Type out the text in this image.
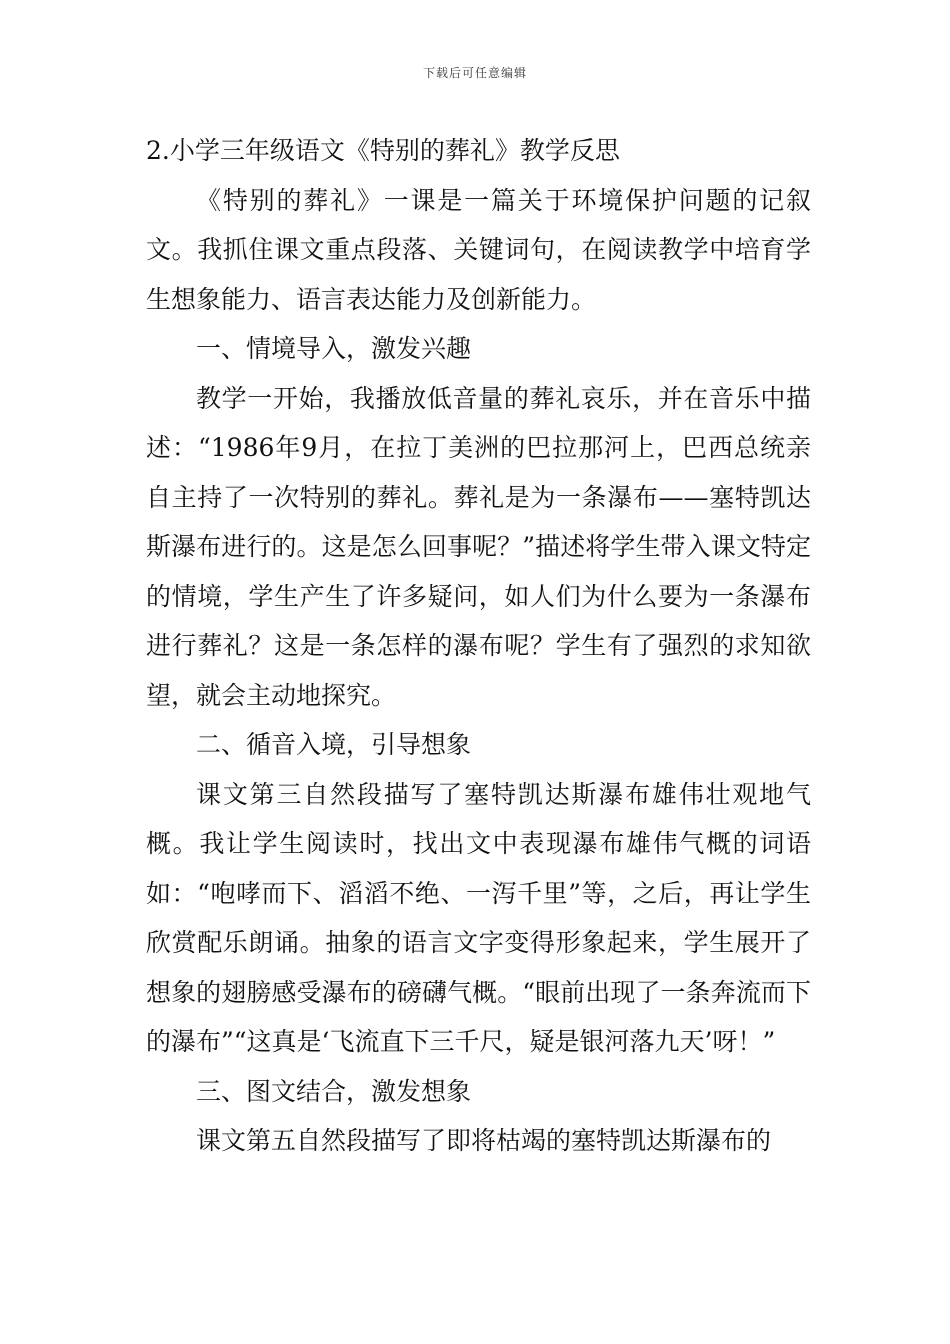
下载后可任意编辑
2.小学三年级语文《特别的葬礼》教学反思

《特别的葬礼》一课是一篇关于环境保护问题的记叙文。我抓住课文重点段落、关键词句，在阅读教学中培育学生想象能力、语言表达能力及创新能力。

一、情境导入，激发兴趣

教学一开始，我播放低音量的葬礼哀乐，并在音乐中描述：“1986年9月，在拉丁美洲的巴拉那河上，巴西总统亲自主持了一次特别的葬礼。葬礼是为一条瀑布——塞特凯达斯瀑布进行的。这是怎么回事呢？”描述将学生带入课文特定的情境，学生产生了许多疑问，如人们为什么要为一条瀑布进行葬礼？这是一条怎样的瀑布呢？学生有了强烈的求知欲 望，就会主动地探究。

二、循音入境，引导想象

课文第三自然段描写了塞特凯达斯瀑布雄伟壮观地气概。我让学生阅读时，找出文中表现瀑布雄伟气概的词语如：“咆哮而下、滔滔不绝、一泻千里”等，之后，再让学生欣赏配乐朗诵。抽象的语言文字变得形象起来，学生展开了想象的翅膀感受瀑布的磅礴气概。“眼前出现了一条奔流而下的瀑布”“这真是‘飞流直下三千尺，疑是银河落九天’呀！”

三、图文结合，激发想象

课文第五自然段描写了即将枯竭的塞特凯达斯瀑布的
